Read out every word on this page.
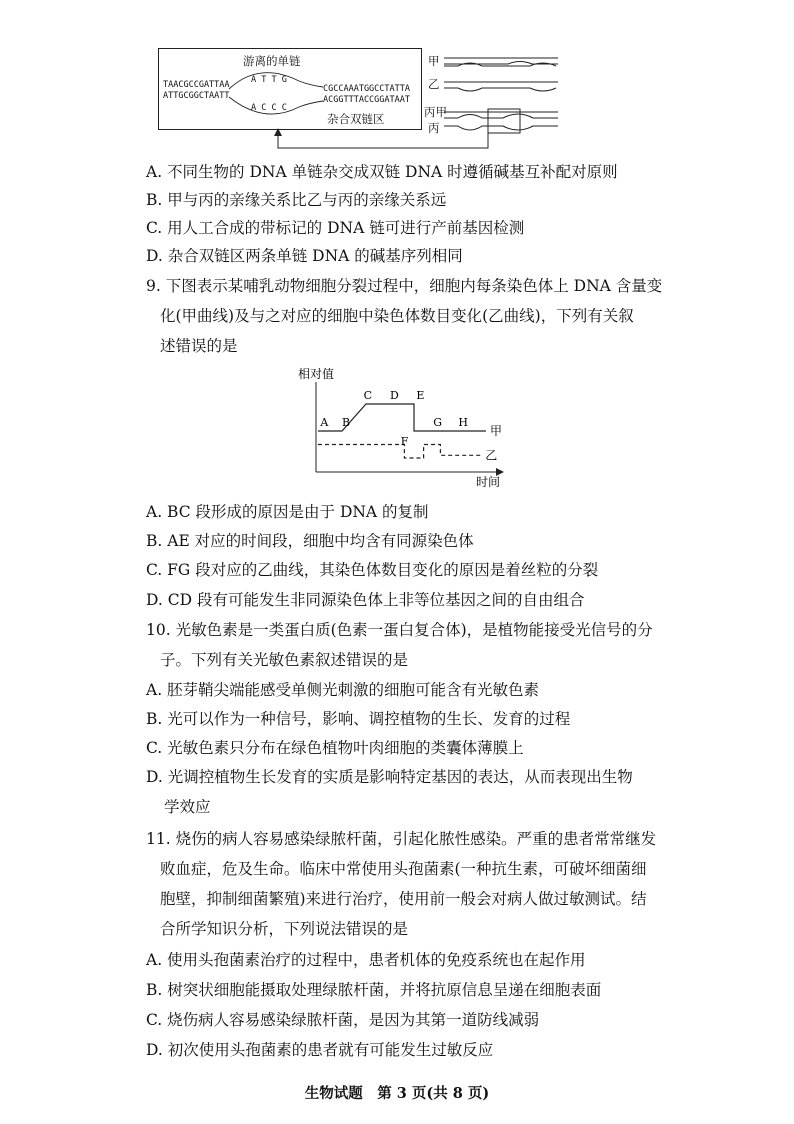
游离的单链
TAACGCCGATTAA
ATTGCGGCTAATT
CGCCAAATGGCCTATTA
ACGGTTTACCGGATAAT
A T T G
A C C C
杂合双链区
甲
乙
丙甲
丙
A. 不同生物的 DNA 单链杂交成双链 DNA 时遵循碱基互补配对原则
B. 甲与丙的亲缘关系比乙与丙的亲缘关系远
C. 用人工合成的带标记的 DNA 链可进行产前基因检测
D. 杂合双链区两条单链 DNA 的碱基序列相同
9. 下图表示某哺乳动物细胞分裂过程中，细胞内每条染色体上 DNA 含量变
化(甲曲线)及与之对应的细胞中染色体数目变化(乙曲线)，下列有关叙
述错误的是
相对值
时间
甲
乙
A B
C D E
F
G H
A. BC 段形成的原因是由于 DNA 的复制
B. AE 对应的时间段，细胞中均含有同源染色体
C. FG 段对应的乙曲线，其染色体数目变化的原因是着丝粒的分裂
D. CD 段有可能发生非同源染色体上非等位基因之间的自由组合
10. 光敏色素是一类蛋白质(色素一蛋白复合体)，是植物能接受光信号的分
子。下列有关光敏色素叙述错误的是
A. 胚芽鞘尖端能感受单侧光刺激的细胞可能含有光敏色素
B. 光可以作为一种信号，影响、调控植物的生长、发育的过程
C. 光敏色素只分布在绿色植物叶肉细胞的类囊体薄膜上
D. 光调控植物生长发育的实质是影响特定基因的表达，从而表现出生物
学效应
11. 烧伤的病人容易感染绿脓杆菌，引起化脓性感染。严重的患者常常继发
败血症，危及生命。临床中常使用头孢菌素(一种抗生素，可破坏细菌细
胞壁，抑制细菌繁殖)来进行治疗，使用前一般会对病人做过敏测试。结
合所学知识分析，下列说法错误的是
A. 使用头孢菌素治疗的过程中，患者机体的免疫系统也在起作用
B. 树突状细胞能摄取处理绿脓杆菌，并将抗原信息呈递在细胞表面
C. 烧伤病人容易感染绿脓杆菌，是因为其第一道防线减弱
D. 初次使用头孢菌素的患者就有可能发生过敏反应
生物试题　第 3 页(共 8 页)
